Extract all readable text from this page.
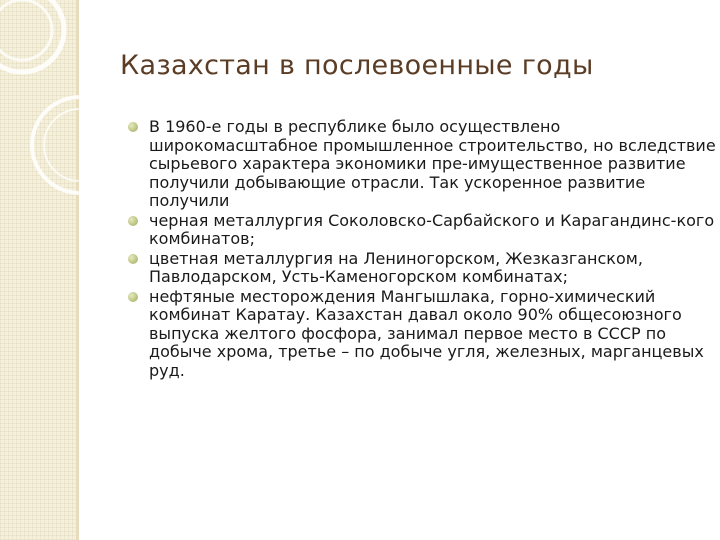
Казахстан в послевоенные годы
В 1960-е годы в республике было осуществлено широкомасштабное промышленное строительство, но вследствие сырьевого характера экономики пре-имущественное развитие получили добывающие отрасли. Так ускоренное развитие получили
черная металлургия Соколовско-Сарбайского и Карагандинс-кого комбинатов;
цветная металлургия на Лениногорском, Жезказганском, Павлодарском, Усть-Каменогорском комбинатах;
нефтяные месторождения Мангышлака, горно-химический комбинат Каратау. Казахстан давал около 90% общесоюзного выпуска желтого фосфора, занимал первое место в СССР по добыче хрома, третье – по добыче угля, железных, марганцевых руд.
